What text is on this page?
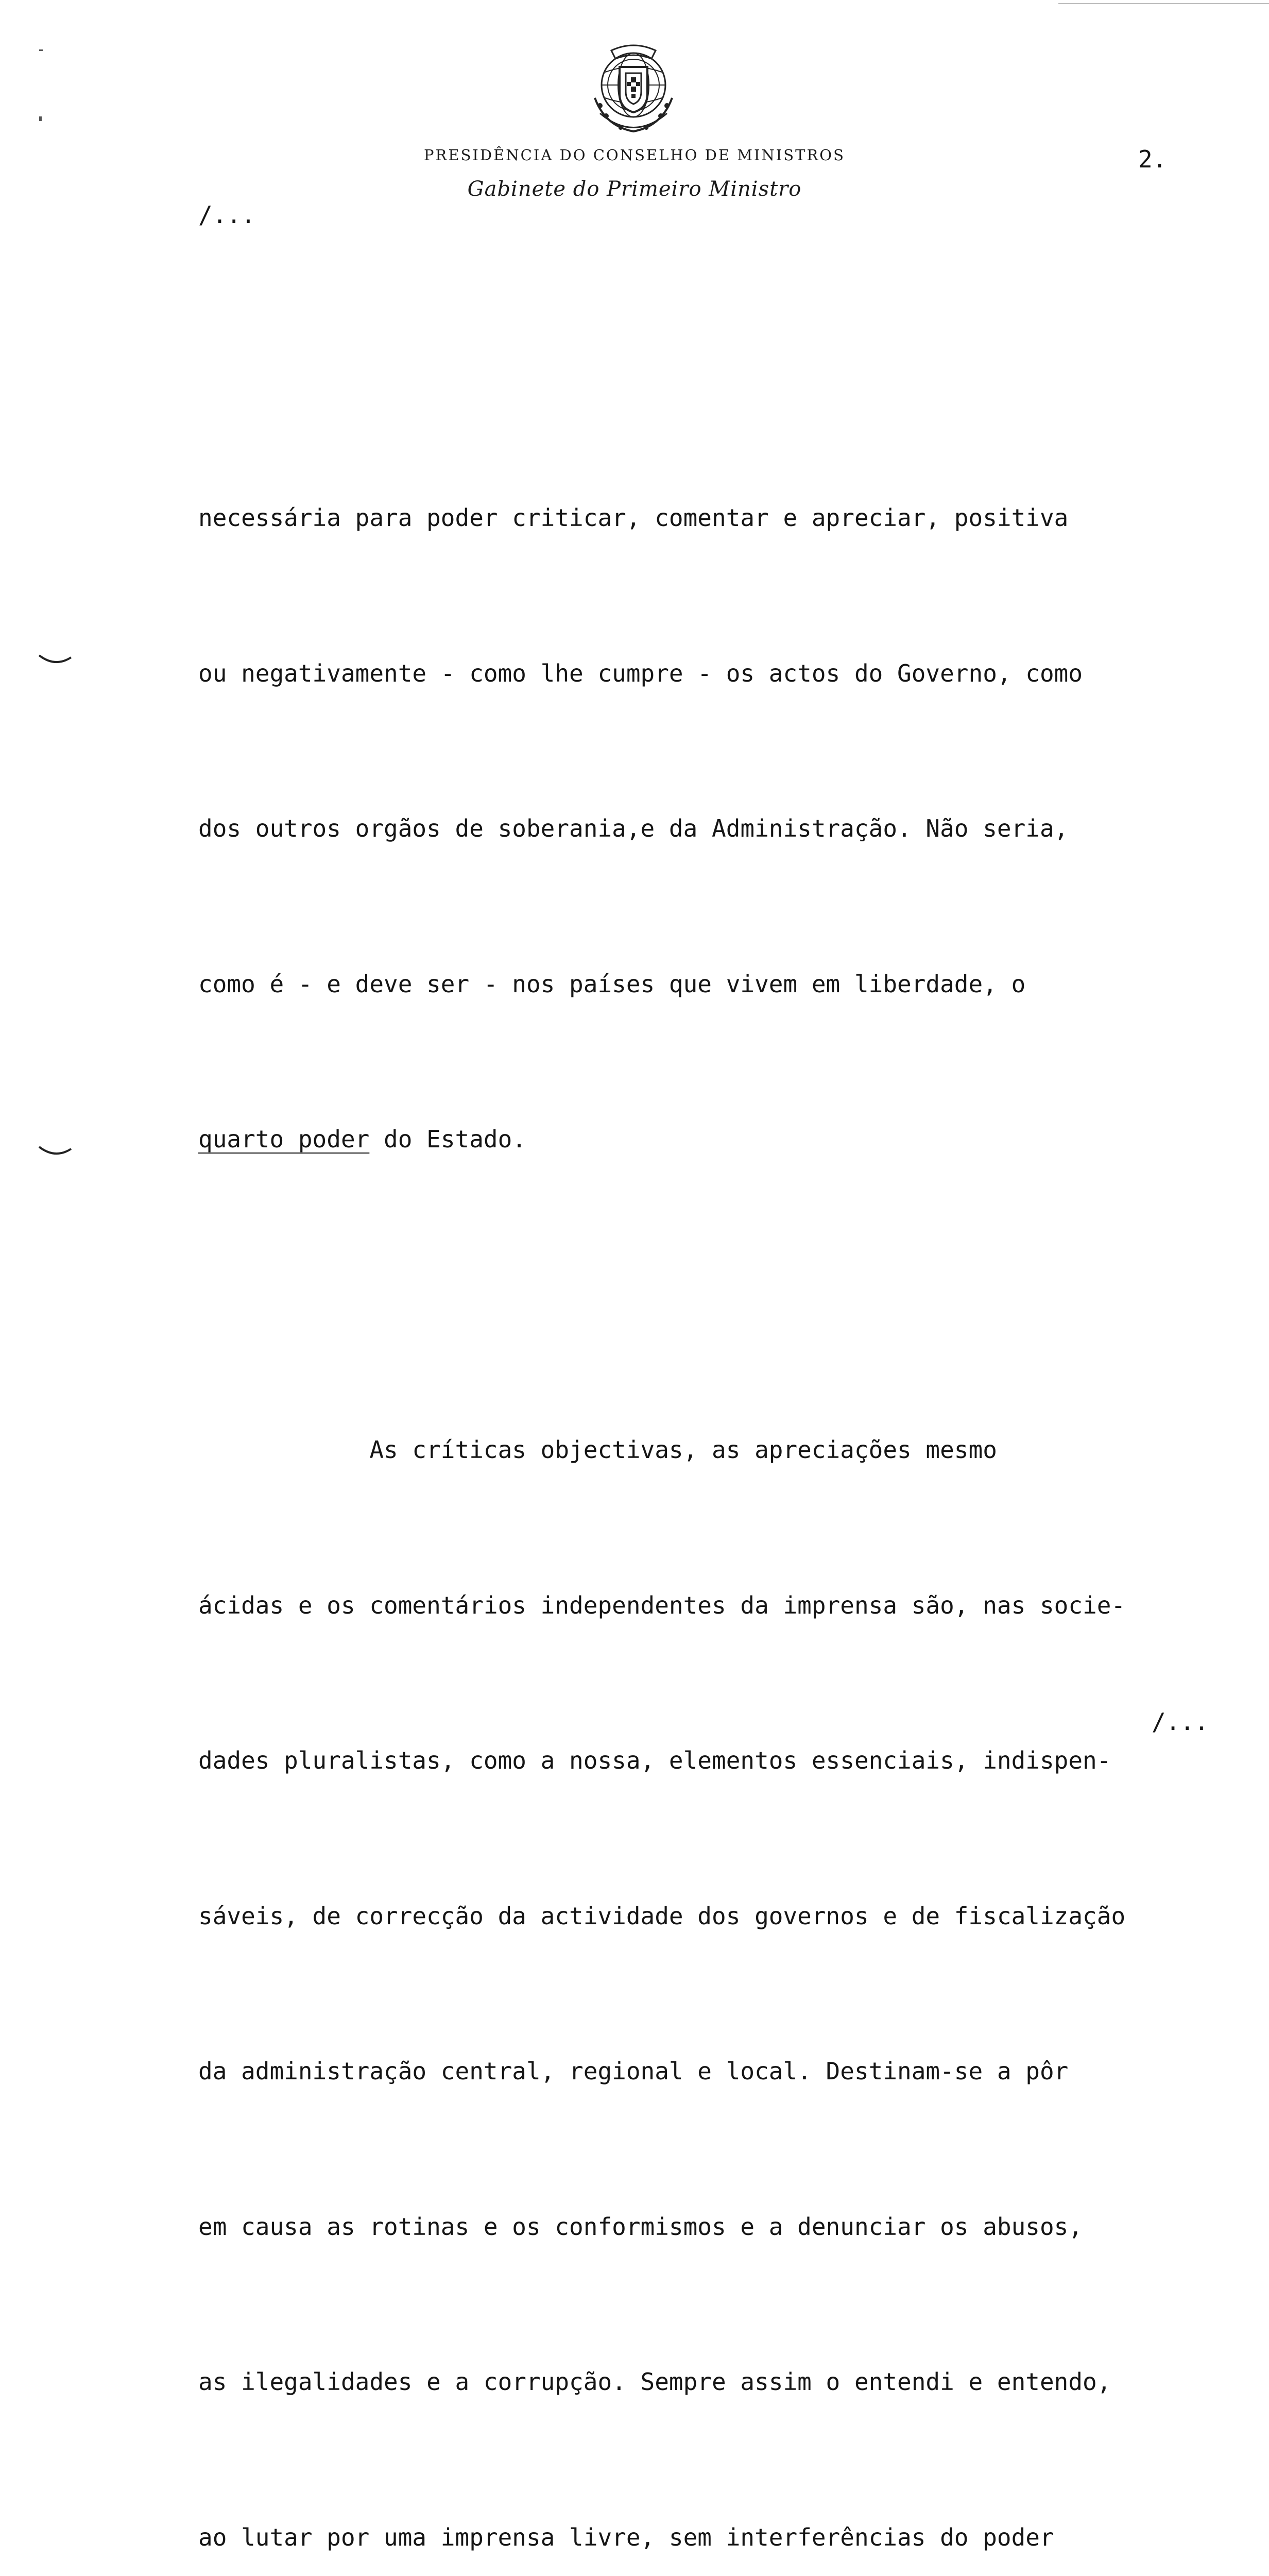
PRESIDÊNCIA DO CONSELHO DE MINISTROS
Gabinete do Primeiro Ministro
2.
/...

necessária para poder criticar, comentar e apreciar, positiva

ou negativamente - como lhe cumpre - os actos do Governo, como

dos outros orgãos de soberania,e da Administração. Não seria,

como é - e deve ser - nos países que vivem em liberdade, o

quarto poder do Estado.

As críticas objectivas, as apreciações mesmo

ácidas e os comentários independentes da imprensa são, nas socie-

dades pluralistas, como a nossa, elementos essenciais, indispen-

sáveis, de correcção da actividade dos governos e de fiscalização

da administração central, regional e local. Destinam-se a pôr

em causa as rotinas e os conformismos e a denunciar os abusos,

as ilegalidades e a corrupção. Sempre assim o entendi e entendo,

ao lutar por uma imprensa livre, sem interferências do poder

/...
